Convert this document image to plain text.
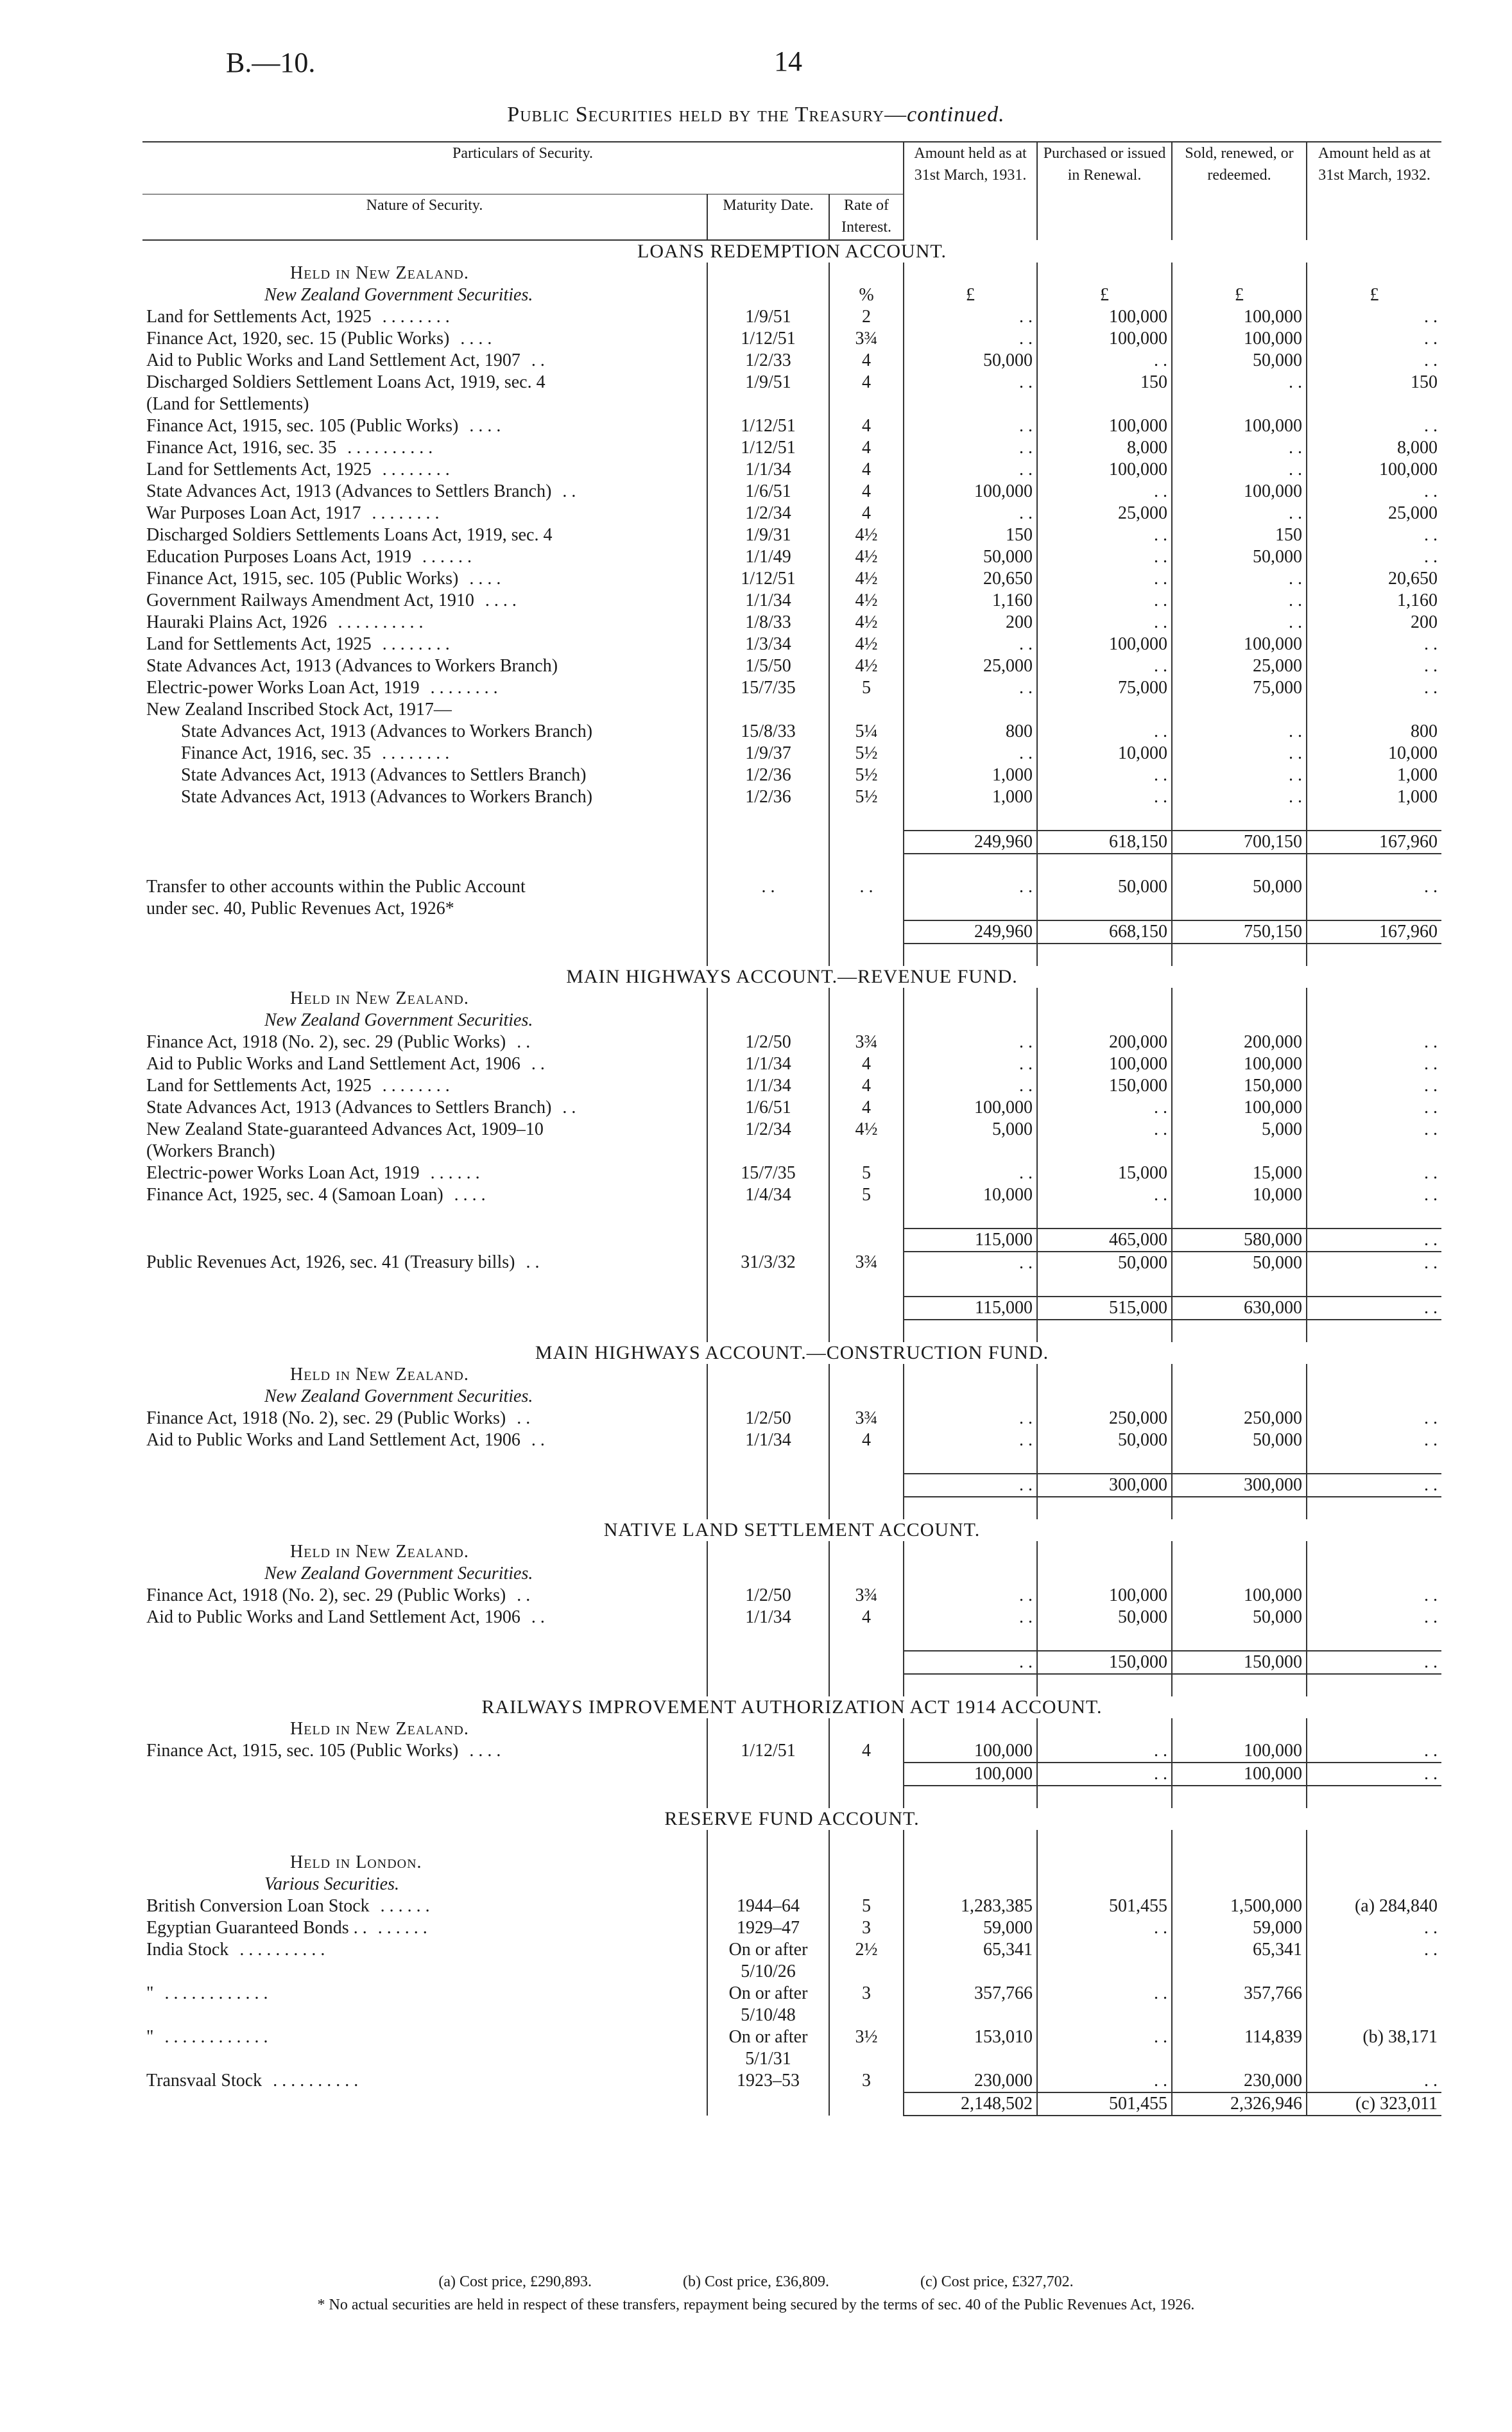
B.—10.	14
Public Securities held by the Treasury—continued.
Particulars of Security.			Amount held as at 31st March, 1931.	Purchased or issued in Renewal.	Sold, renewed, or redeemed.	Amount held as at 31st March, 1932.
Nature of Security.	Maturity Date.	Rate of Interest.				
LOANS REDEMPTION ACCOUNT.						
Held in New Zealand.						
New Zealand Government Securities.		%	£	£	£	£
Land for Settlements Act, 1925 . . . . . . . .	1/9/51	2	. .	100,000	100,000	. .
Finance Act, 1920, sec. 15 (Public Works) . . . .	1/12/51	3¾	. .	100,000	100,000	. .
Aid to Public Works and Land Settlement Act, 1907 . .	1/2/33	4	50,000	. .	50,000	. .
Discharged Soldiers Settlement Loans Act, 1919, sec. 4	1/9/51	4	. .	150	. .	150
(Land for Settlements)						
Finance Act, 1915, sec. 105 (Public Works) . . . .	1/12/51	4	. .	100,000	100,000	. .
Finance Act, 1916, sec. 35 . . . . . . . . . .	1/12/51	4	. .	8,000	. .	8,000
Land for Settlements Act, 1925 . . . . . . . .	1/1/34	4	. .	100,000	. .	100,000
State Advances Act, 1913 (Advances to Settlers Branch) . .	1/6/51	4	100,000	. .	100,000	. .
War Purposes Loan Act, 1917 . . . . . . . .	1/2/34	4	. .	25,000	. .	25,000
Discharged Soldiers Settlements Loans Act, 1919, sec. 4	1/9/31	4½	150	. .	150	. .
Education Purposes Loans Act, 1919 . . . . . .	1/1/49	4½	50,000	. .	50,000	. .
Finance Act, 1915, sec. 105 (Public Works) . . . .	1/12/51	4½	20,650	. .	. .	20,650
Government Railways Amendment Act, 1910 . . . .	1/1/34	4½	1,160	. .	. .	1,160
Hauraki Plains Act, 1926 . . . . . . . . . .	1/8/33	4½	200	. .	. .	200
Land for Settlements Act, 1925 . . . . . . . .	1/3/34	4½	. .	100,000	100,000	. .
State Advances Act, 1913 (Advances to Workers Branch)	1/5/50	4½	25,000	. .	25,000	. .
Electric-power Works Loan Act, 1919 . . . . . . . .	15/7/35	5	. .	75,000	75,000	. .
New Zealand Inscribed Stock Act, 1917—						
State Advances Act, 1913 (Advances to Workers Branch)	15/8/33	5¼	800	. .	. .	800
Finance Act, 1916, sec. 35 . . . . . . . .	1/9/37	5½	. .	10,000	. .	10,000
State Advances Act, 1913 (Advances to Settlers Branch)	1/2/36	5½	1,000	. .	. .	1,000
State Advances Act, 1913 (Advances to Workers Branch)	1/2/36	5½	1,000	. .	. .	1,000

			249,960	618,150	700,150	167,960

Transfer to other accounts within the Public Account	. .	. .	. .	50,000	50,000	. .
under sec. 40, Public Revenues Act, 1926*						
			249,960	668,150	750,150	167,960

MAIN HIGHWAYS ACCOUNT.—REVENUE FUND.						
Held in New Zealand.						
New Zealand Government Securities.						
Finance Act, 1918 (No. 2), sec. 29 (Public Works) . .	1/2/50	3¾	. .	200,000	200,000	. .
Aid to Public Works and Land Settlement Act, 1906 . .	1/1/34	4	. .	100,000	100,000	. .
Land for Settlements Act, 1925 . . . . . . . .	1/1/34	4	. .	150,000	150,000	. .
State Advances Act, 1913 (Advances to Settlers Branch) . .	1/6/51	4	100,000	. .	100,000	. .
New Zealand State-guaranteed Advances Act, 1909–10	1/2/34	4½	5,000	. .	5,000	. .
(Workers Branch)						
Electric-power Works Loan Act, 1919 . . . . . .	15/7/35	5	. .	15,000	15,000	. .
Finance Act, 1925, sec. 4 (Samoan Loan) . . . .	1/4/34	5	10,000	. .	10,000	. .

			115,000	465,000	580,000	. .
Public Revenues Act, 1926, sec. 41 (Treasury bills) . .	31/3/32	3¾	. .	50,000	50,000	. .

			115,000	515,000	630,000	. .

MAIN HIGHWAYS ACCOUNT.—CONSTRUCTION FUND.						
Held in New Zealand.						
New Zealand Government Securities.						
Finance Act, 1918 (No. 2), sec. 29 (Public Works) . .	1/2/50	3¾	. .	250,000	250,000	. .
Aid to Public Works and Land Settlement Act, 1906 . .	1/1/34	4	. .	50,000	50,000	. .

			. .	300,000	300,000	. .

NATIVE LAND SETTLEMENT ACCOUNT.						
Held in New Zealand.						
New Zealand Government Securities.						
Finance Act, 1918 (No. 2), sec. 29 (Public Works) . .	1/2/50	3¾	. .	100,000	100,000	. .
Aid to Public Works and Land Settlement Act, 1906 . .	1/1/34	4	. .	50,000	50,000	. .

			. .	150,000	150,000	. .

RAILWAYS IMPROVEMENT AUTHORIZATION ACT 1914 ACCOUNT.						
Held in New Zealand.						
Finance Act, 1915, sec. 105 (Public Works) . . . .	1/12/51	4	100,000	. .	100,000	. .
			100,000	. .	100,000	. .

RESERVE FUND ACCOUNT.						

Held in London.						
Various Securities.						
British Conversion Loan Stock . . . . . .	1944–64	5	1,283,385	501,455	1,500,000	(a) 284,840
Egyptian Guaranteed Bonds . . . . . . . .	1929–47	3	59,000	. .	59,000	. .
India Stock . . . . . . . . . .	On or after	2½	65,341		65,341	. .
	5/10/26					
" . . . . . . . . . . . .	On or after	3	357,766	. .	357,766	
	5/10/48					
" . . . . . . . . . . . .	On or after	3½	153,010	. .	114,839	(b) 38,171
	5/1/31					
Transvaal Stock . . . . . . . . . .	1923–53	3	230,000	. .	230,000	. .
			2,148,502	501,455	2,326,946	(c) 323,011
(a) Cost price, £290,893.	(b) Cost price, £36,809.	(c) Cost price, £327,702.
* No actual securities are held in respect of these transfers, repayment being secured by the terms of sec. 40 of the Public Revenues Act, 1926.
